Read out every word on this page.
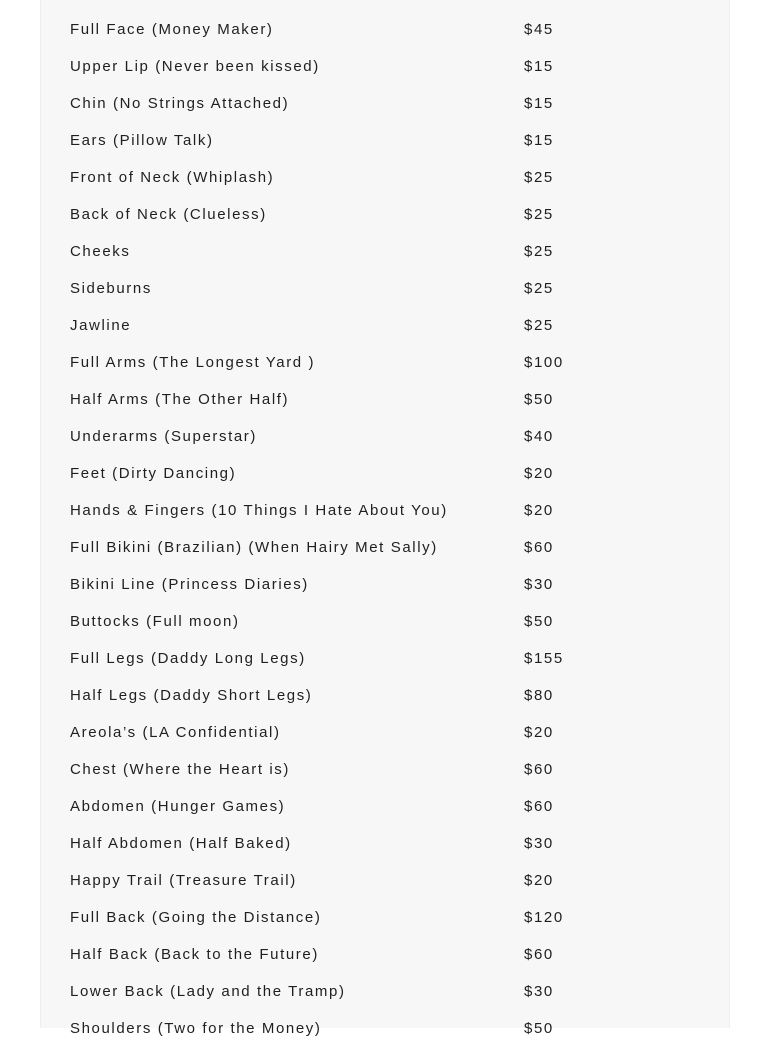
Full Face (Money Maker)	$45
Upper Lip (Never been kissed)	$15
Chin (No Strings Attached)	$15
Ears (Pillow Talk)	$15
Front of Neck (Whiplash)	$25
Back of Neck (Clueless)	$25
Cheeks	$25
Sideburns	$25
Jawline	$25
Full Arms (The Longest Yard )	$100
Half Arms (The Other Half)	$50
Underarms (Superstar)	$40
Feet (Dirty Dancing)	$20
Hands & Fingers (10 Things I Hate About You)	$20
Full Bikini (Brazilian) (When Hairy Met Sally)	$60
Bikini Line (Princess Diaries)	$30
Buttocks (Full moon)	$50
Full Legs (Daddy Long Legs)	$155
Half Legs (Daddy Short Legs)	$80
Areola’s (LA Confidential)	$20
Chest (Where the Heart is)	$60
Abdomen (Hunger Games)	$60
Half Abdomen (Half Baked)	$30
Happy Trail (Treasure Trail)	$20
Full Back (Going the Distance)	$120
Half Back (Back to the Future)	$60
Lower Back (Lady and the Tramp)	$30
Shoulders (Two for the Money)	$50
